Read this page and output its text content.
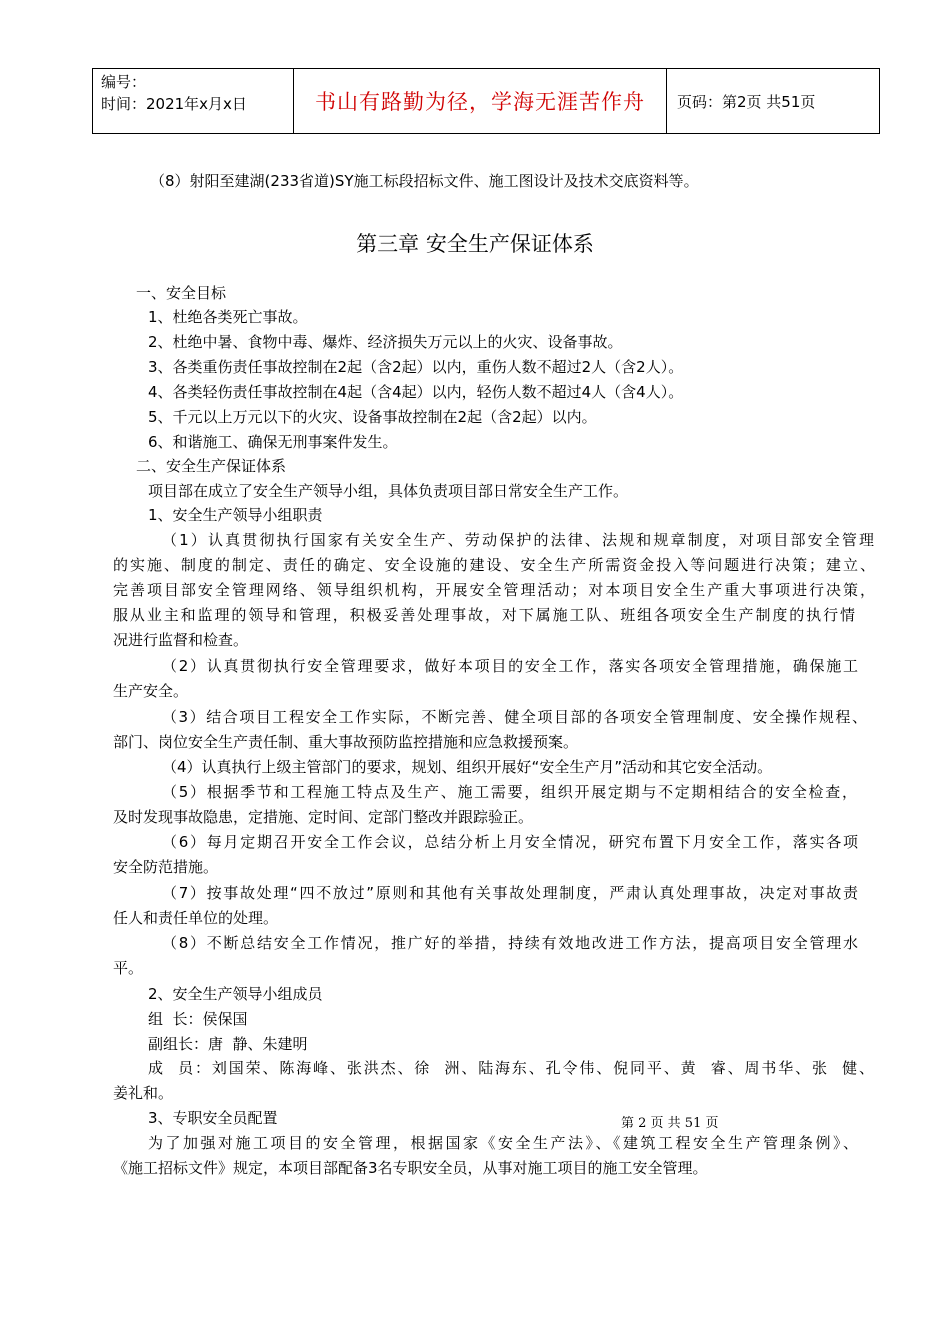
编号：
时间：2021年x月x日	书山有路勤为径，学海无涯苦作舟	页码：第2页 共51页
（8）射阳至建湖(233省道)SY施工标段招标文件、施工图设计及技术交底资料等。
第三章 安全生产保证体系
一、安全目标
1、杜绝各类死亡事故。
2、杜绝中暑、食物中毒、爆炸、经济损失万元以上的火灾、设备事故。
3、各类重伤责任事故控制在2起（含2起）以内，重伤人数不超过2人（含2人）。
4、各类轻伤责任事故控制在4起（含4起）以内，轻伤人数不超过4人（含4人）。
5、千元以上万元以下的火灾、设备事故控制在2起（含2起）以内。
6、和谐施工、确保无刑事案件发生。
二、安全生产保证体系
项目部在成立了安全生产领导小组，具体负责项目部日常安全生产工作。
1、安全生产领导小组职责
（1）认真贯彻执行国家有关安全生产、劳动保护的法律、法规和规章制度，对项目部安全管理
的实施、制度的制定、责任的确定、安全设施的建设、安全生产所需资金投入等问题进行决策；建立、
完善项目部安全管理网络、领导组织机构，开展安全管理活动；对本项目安全生产重大事项进行决策，
服从业主和监理的领导和管理，积极妥善处理事故，对下属施工队、班组各项安全生产制度的执行情
况进行监督和检查。
（2）认真贯彻执行安全管理要求，做好本项目的安全工作，落实各项安全管理措施，确保施工
生产安全。
（3）结合项目工程安全工作实际，不断完善、健全项目部的各项安全管理制度、安全操作规程、
部门、岗位安全生产责任制、重大事故预防监控措施和应急救援预案。
（4）认真执行上级主管部门的要求，规划、组织开展好“安全生产月”活动和其它安全活动。
（5）根据季节和工程施工特点及生产、施工需要，组织开展定期与不定期相结合的安全检查，
及时发现事故隐患，定措施、定时间、定部门整改并跟踪验正。
（6）每月定期召开安全工作会议，总结分析上月安全情况，研究布置下月安全工作，落实各项
安全防范措施。
（7）按事故处理“四不放过”原则和其他有关事故处理制度，严肃认真处理事故，决定对事故责
任人和责任单位的处理。
（8）不断总结安全工作情况，推广好的举措，持续有效地改进工作方法，提高项目安全管理水
平。
2、安全生产领导小组成员
组  长：侯保国
副组长：唐  静、朱建明
成  员：刘国荣、陈海峰、张洪杰、徐  洲、陆海东、孔令伟、倪同平、黄  睿、周书华、张  健、
姜礼和。
3、专职安全员配置	第 2 页 共 51 页
为了加强对施工项目的安全管理，根据国家《安全生产法》、《建筑工程安全生产管理条例》、
《施工招标文件》规定，本项目部配备3名专职安全员，从事对施工项目的施工安全管理。
